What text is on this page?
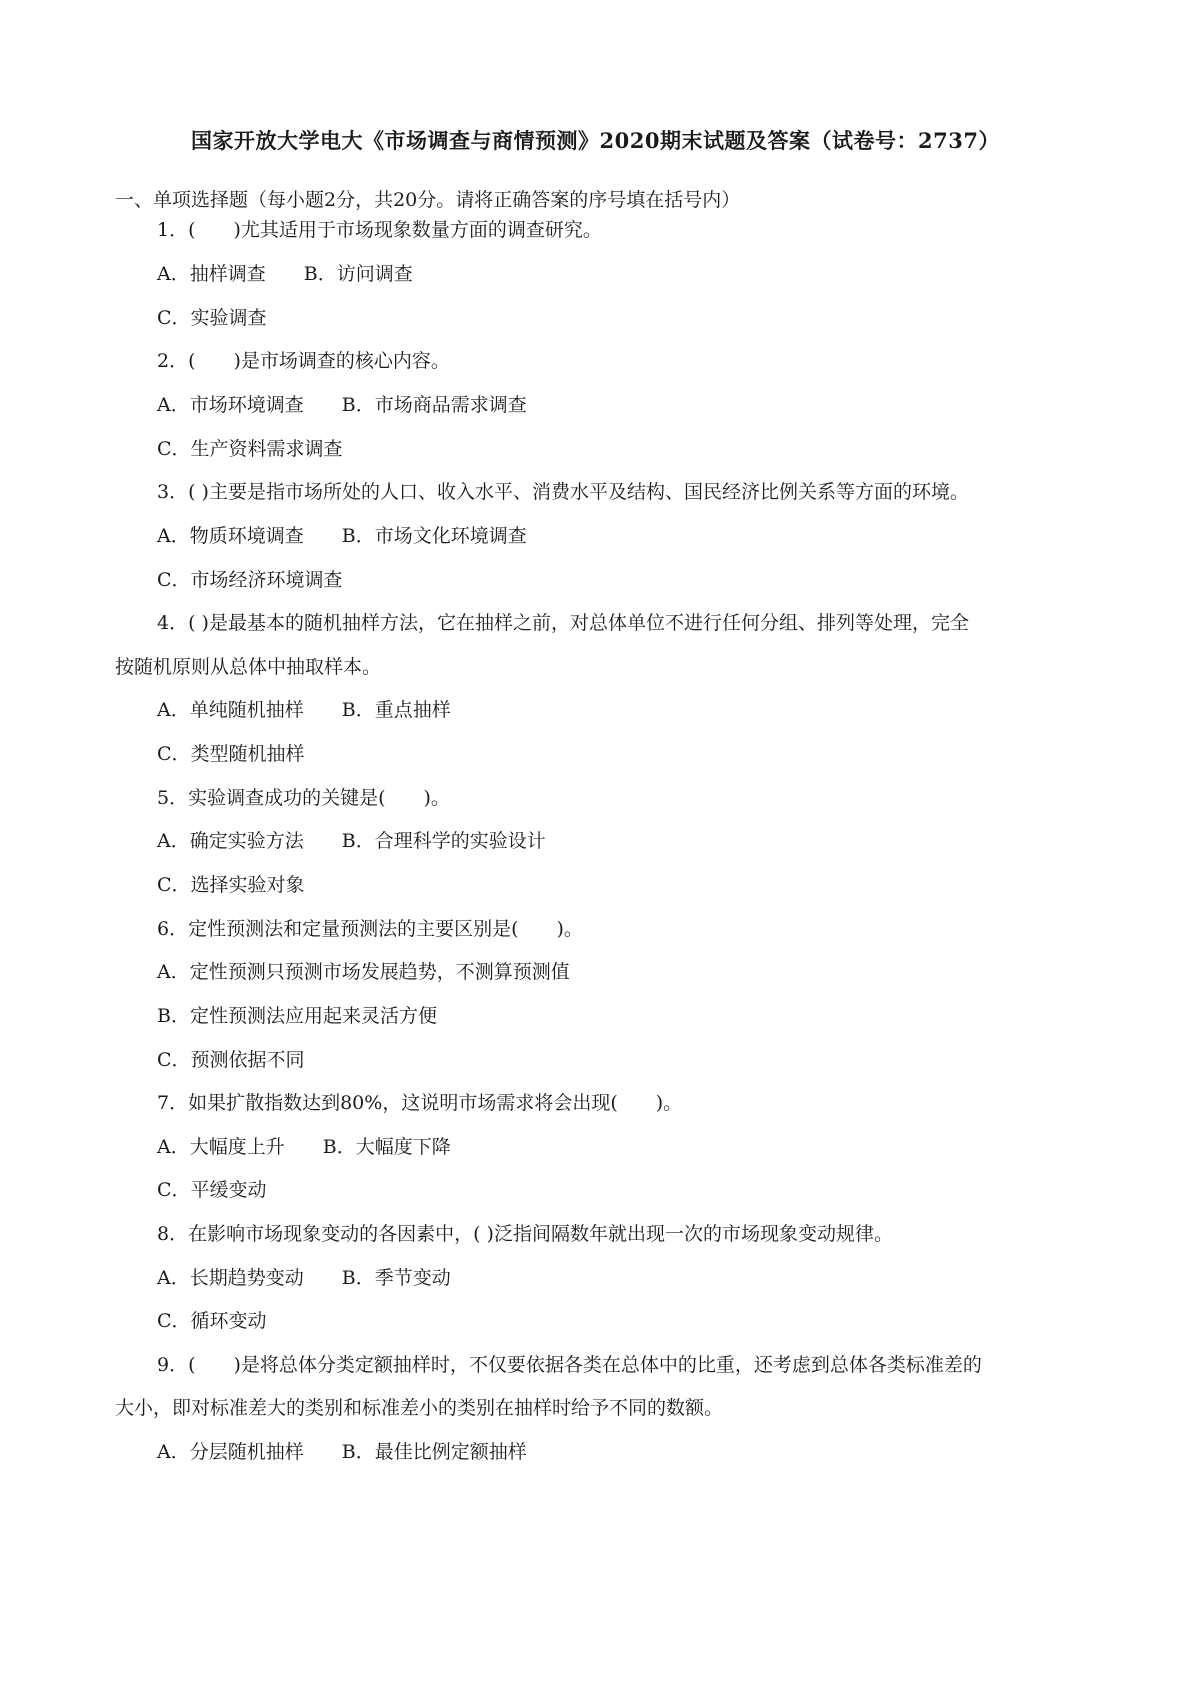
国家开放大学电大《市场调查与商情预测》2020期末试题及答案（试卷号：2737）
一、单项选择题（每小题2分，共20分。请将正确答案的序号填在括号内）
1．(　　)尤其适用于市场现象数量方面的调查研究。
A．抽样调查 B．访问调查
C．实验调查
2．(　　)是市场调查的核心内容。
A．市场环境调查 B．市场商品需求调查
C．生产资料需求调查
3．( )主要是指市场所处的人口、收入水平、消费水平及结构、国民经济比例关系等方面的环境。
A．物质环境调查 B．市场文化环境调查
C．市场经济环境调查
4．( )是最基本的随机抽样方法，它在抽样之前，对总体单位不进行任何分组、排列等处理，完全
按随机原则从总体中抽取样本。
A．单纯随机抽样 B．重点抽样
C．类型随机抽样
5．实验调查成功的关键是(　　)。
A．确定实验方法 B．合理科学的实验设计
C．选择实验对象
6．定性预测法和定量预测法的主要区别是(　　)。
A．定性预测只预测市场发展趋势，不测算预测值
B．定性预测法应用起来灵活方便
C．预测依据不同
7．如果扩散指数达到80%，这说明市场需求将会出现(　　)。
A．大幅度上升 B．大幅度下降
C．平缓变动
8．在影响市场现象变动的各因素中，( )泛指间隔数年就出现一次的市场现象变动规律。
A．长期趋势变动 B．季节变动
C．循环变动
9．(　　)是将总体分类定额抽样时，不仅要依据各类在总体中的比重，还考虑到总体各类标准差的
大小，即对标准差大的类别和标准差小的类别在抽样时给予不同的数额。
A．分层随机抽样 B．最佳比例定额抽样
